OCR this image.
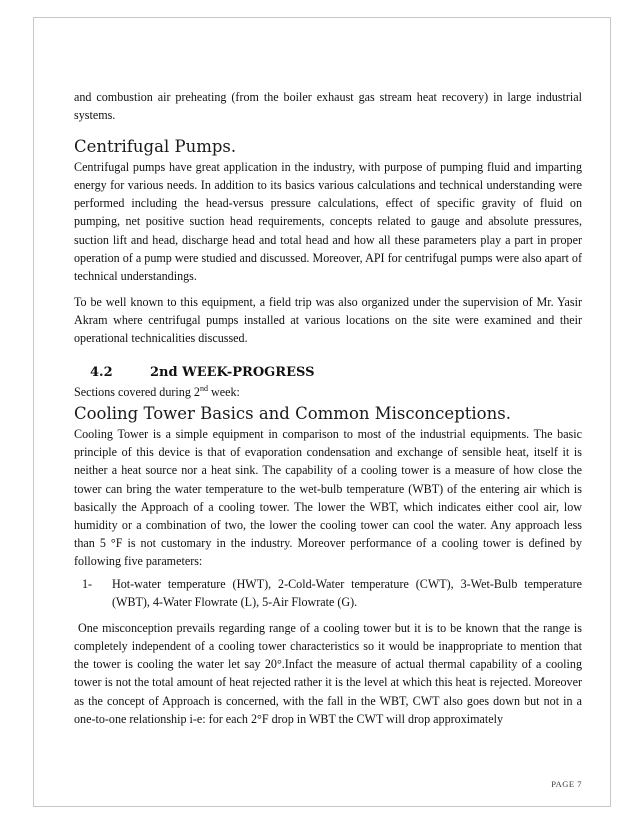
and combustion air preheating (from the boiler exhaust gas stream heat recovery) in large industrial systems.

Centrifugal Pumps.

Centrifugal pumps have great application in the industry, with purpose of pumping fluid and imparting energy for various needs. In addition to its basics various calculations and technical understanding were performed including the head-versus pressure calculations, effect of specific gravity of fluid on pumping, net positive suction head requirements, concepts related to gauge and absolute pressures, suction lift and head, discharge head and total head and how all these parameters play a part in proper operation of a pump were studied and discussed. Moreover, API for centrifugal pumps were also apart of technical understandings.

To be well known to this equipment, a field trip was also organized under the supervision of Mr. Yasir Akram where centrifugal pumps installed at various locations on the site were examined and their operational technicalities discussed.

4.2	2nd WEEK-PROGRESS

Sections covered during 2nd week:

Cooling Tower Basics and Common Misconceptions.

Cooling Tower is a simple equipment in comparison to most of the industrial equipments. The basic principle of this device is that of evaporation condensation and exchange of sensible heat, itself it is neither a heat source nor a heat sink. The capability of a cooling tower is a measure of how close the tower can bring the water temperature to the wet-bulb temperature (WBT) of the entering air which is basically the Approach of a cooling tower. The lower the WBT, which indicates either cool air, low humidity or a combination of two, the lower the cooling tower can cool the water. Any approach less than 5 °F is not customary in the industry. Moreover performance of a cooling tower is defined by following five parameters:

1-	Hot-water temperature (HWT), 2-Cold-Water temperature (CWT), 3-Wet-Bulb temperature (WBT), 4-Water Flowrate (L), 5-Air Flowrate (G).

One misconception prevails regarding range of a cooling tower but it is to be known that the range is completely independent of a cooling tower characteristics so it would be inappropriate to mention that the tower is cooling the water let say 20°.Infact the measure of actual thermal capability of a cooling tower is not the total amount of heat rejected rather it is the level at which this heat is rejected. Moreover as the concept of Approach is concerned, with the fall in the WBT, CWT also goes down but not in a one-to-one relationship i-e: for each 2°F drop in WBT the CWT will drop approximately

PAGE 7
